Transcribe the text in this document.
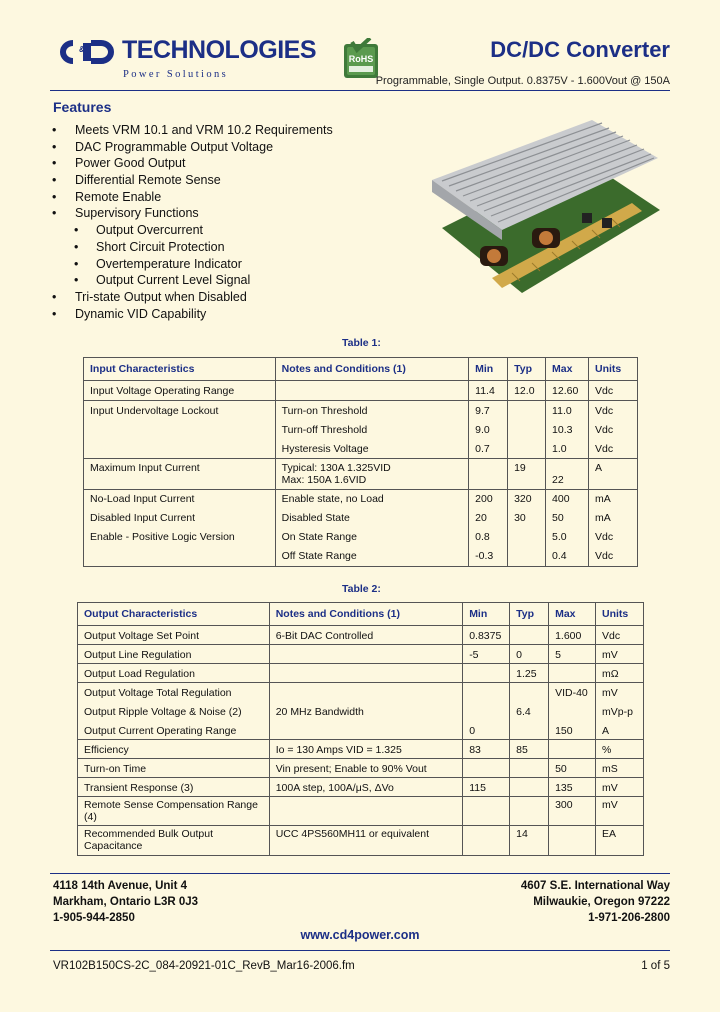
& TECHNOLOGIES
Power Solutions
RoHS	DC/DC Converter
Programmable, Single Output. 0.8375V - 1.600Vout @ 150A
Features
• Meets VRM 10.1 and VRM 10.2 Requirements
• DAC Programmable Output Voltage
• Power Good Output
• Differential Remote Sense
• Remote Enable
• Supervisory Functions
• Output Overcurrent
• Short Circuit Protection
• Overtemperature Indicator
• Output Current Level Signal
• Tri-state Output when Disabled
• Dynamic VID Capability
Table 1:
Input Characteristics	Notes and Conditions (1)	Min	Typ	Max	Units
Input Voltage Operating Range		11.4	12.0	12.60	Vdc
Input Undervoltage Lockout	Turn-on Threshold	9.7		11.0	Vdc
	Turn-off Threshold	9.0		10.3	Vdc
	Hysteresis Voltage	0.7		1.0	Vdc
Maximum Input Current	Typical: 130A 1.325VID		19		A
	Max: 150A 1.6VID			22	
No-Load Input Current	Enable state, no Load	200	320	400	mA
Disabled Input Current	Disabled State	20	30	50	mA
Enable - Positive Logic Version	On State Range	0.8		5.0	Vdc
	Off State Range	-0.3		0.4	Vdc
Table 2:
Output Characteristics	Notes and Conditions (1)	Min	Typ	Max	Units
Output Voltage Set Point	6-Bit DAC Controlled	0.8375		1.600	Vdc
Output Line Regulation		-5	0	5	mV
Output Load Regulation			1.25		mΩ
Output Voltage Total Regulation				VID-40	mV
Output Ripple Voltage & Noise (2)	20 MHz Bandwidth		6.4		mVp-p
Output Current Operating Range		0		150	A
Efficiency	Io = 130 Amps VID = 1.325	83	85		%
Turn-on Time	Vin present; Enable to 90% Vout			50	mS
Transient Response (3)	100A step, 100A/μS, ΔVo	115		135	mV
Remote Sense Compensation Range (4)				300	mV
Recommended Bulk Output Capacitance	UCC 4PS560MH11 or equivalent		14		EA
4118 14th Avenue, Unit 4
Markham, Ontario L3R 0J3
1-905-944-2850
4607 S.E. International Way
Milwaukie, Oregon 97222
1-971-206-2800
www.cd4power.com
VR102B150CS-2C_084-20921-01C_RevB_Mar16-2006.fm	1 of 5
